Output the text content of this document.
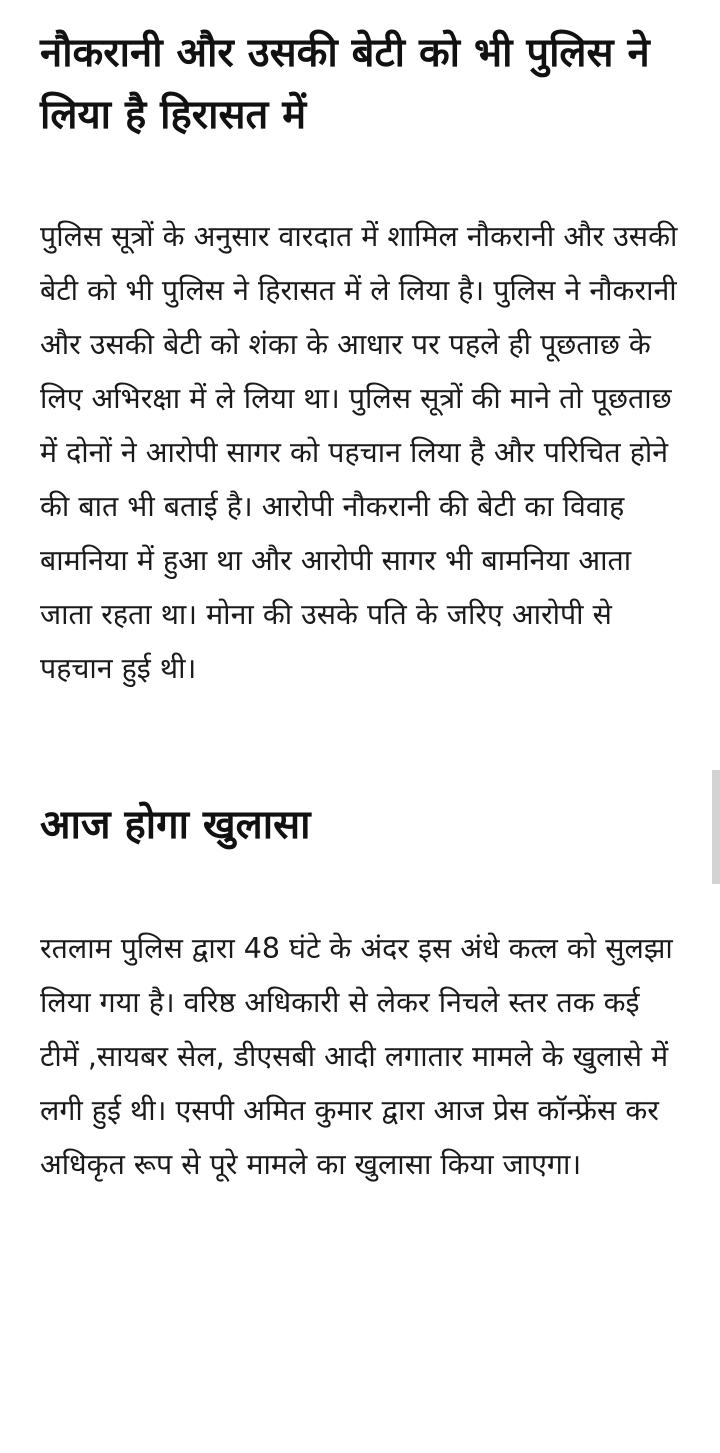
नौकरानी और उसकी बेटी को भी पुलिस ने लिया है हिरासत में

पुलिस सूत्रों के अनुसार वारदात में शामिल नौकरानी और उसकी बेटी को भी पुलिस ने हिरासत में ले लिया है। पुलिस ने नौकरानी और उसकी बेटी को शंका के आधार पर पहले ही पूछताछ के लिए अभिरक्षा में ले लिया था। पुलिस सूत्रों की माने तो पूछताछ में दोनों ने आरोपी सागर को पहचान लिया है और परिचित होने की बात भी बताई है। आरोपी नौकरानी की बेटी का विवाह बामनिया में हुआ था और आरोपी सागर भी बामनिया आता जाता रहता था। मोना की उसके पति के जरिए आरोपी से पहचान हुई थी।

आज होगा खुलासा

रतलाम पुलिस द्वारा 48 घंटे के अंदर इस अंधे कत्ल को सुलझा लिया गया है। वरिष्ठ अधिकारी से लेकर निचले स्तर तक कई टीमें ,सायबर सेल, डीएसबी आदी लगातार मामले के खुलासे में लगी हुई थी। एसपी अमित कुमार द्वारा आज प्रेस कॉन्फ्रेंस कर अधिकृत रूप से पूरे मामले का खुलासा किया जाएगा।
